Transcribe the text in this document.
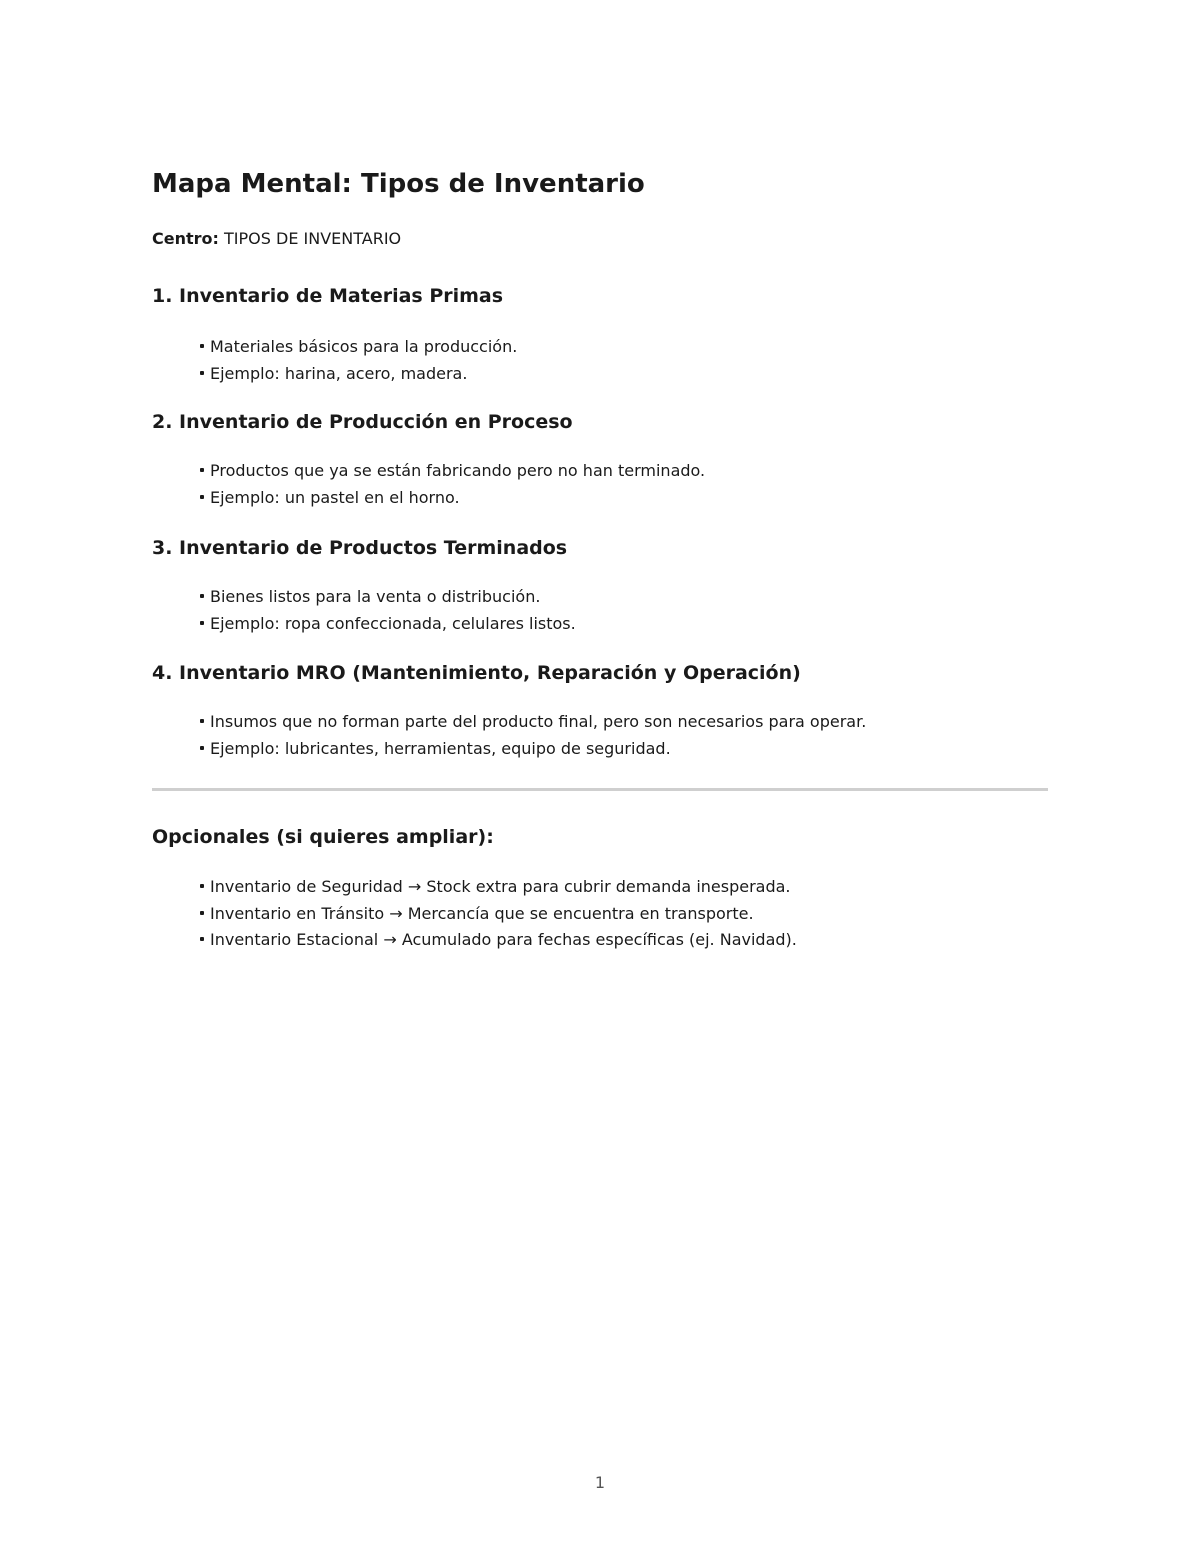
Mapa Mental: Tipos de Inventario
Centro: TIPOS DE INVENTARIO
1. Inventario de Materias Primas
Materiales básicos para la producción.
Ejemplo: harina, acero, madera.
2. Inventario de Producción en Proceso
Productos que ya se están fabricando pero no han terminado.
Ejemplo: un pastel en el horno.
3. Inventario de Productos Terminados
Bienes listos para la venta o distribución.
Ejemplo: ropa confeccionada, celulares listos.
4. Inventario MRO (Mantenimiento, Reparación y Operación)
Insumos que no forman parte del producto final, pero son necesarios para operar.
Ejemplo: lubricantes, herramientas, equipo de seguridad.
Opcionales (si quieres ampliar):
Inventario de Seguridad → Stock extra para cubrir demanda inesperada.
Inventario en Tránsito → Mercancía que se encuentra en transporte.
Inventario Estacional → Acumulado para fechas específicas (ej. Navidad).
1
